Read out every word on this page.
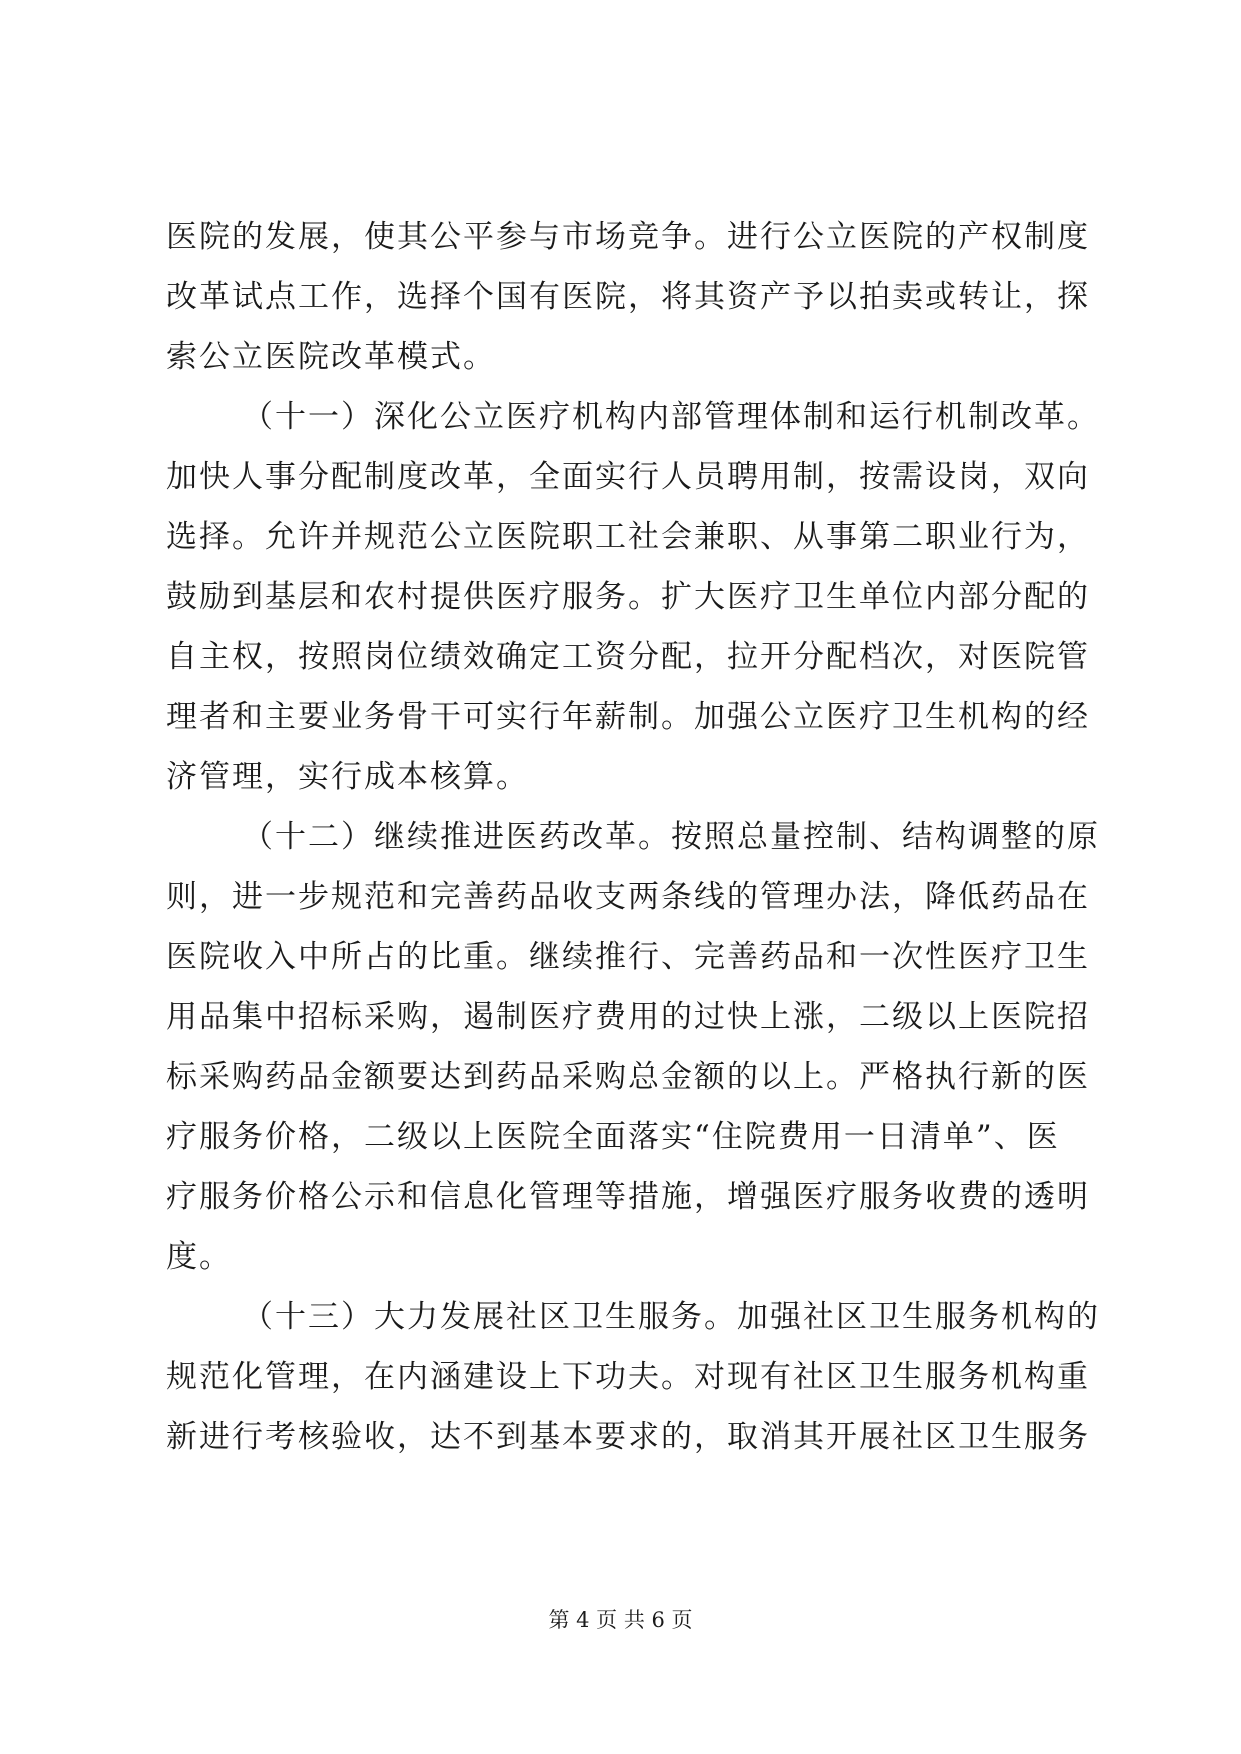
医院的发展，使其公平参与市场竞争。进行公立医院的产权制度
改革试点工作，选择个国有医院，将其资产予以拍卖或转让，探
索公立医院改革模式。
（十一）深化公立医疗机构内部管理体制和运行机制改革。
加快人事分配制度改革，全面实行人员聘用制，按需设岗，双向
选择。允许并规范公立医院职工社会兼职、从事第二职业行为，
鼓励到基层和农村提供医疗服务。扩大医疗卫生单位内部分配的
自主权，按照岗位绩效确定工资分配，拉开分配档次，对医院管
理者和主要业务骨干可实行年薪制。加强公立医疗卫生机构的经
济管理，实行成本核算。
（十二）继续推进医药改革。按照总量控制、结构调整的原
则，进一步规范和完善药品收支两条线的管理办法，降低药品在
医院收入中所占的比重。继续推行、完善药品和一次性医疗卫生
用品集中招标采购，遏制医疗费用的过快上涨，二级以上医院招
标采购药品金额要达到药品采购总金额的以上。严格执行新的医
疗服务价格，二级以上医院全面落实“住院费用一日清单”、医
疗服务价格公示和信息化管理等措施，增强医疗服务收费的透明
度。
（十三）大力发展社区卫生服务。加强社区卫生服务机构的
规范化管理，在内涵建设上下功夫。对现有社区卫生服务机构重
新进行考核验收，达不到基本要求的，取消其开展社区卫生服务
第 4 页 共 6 页
